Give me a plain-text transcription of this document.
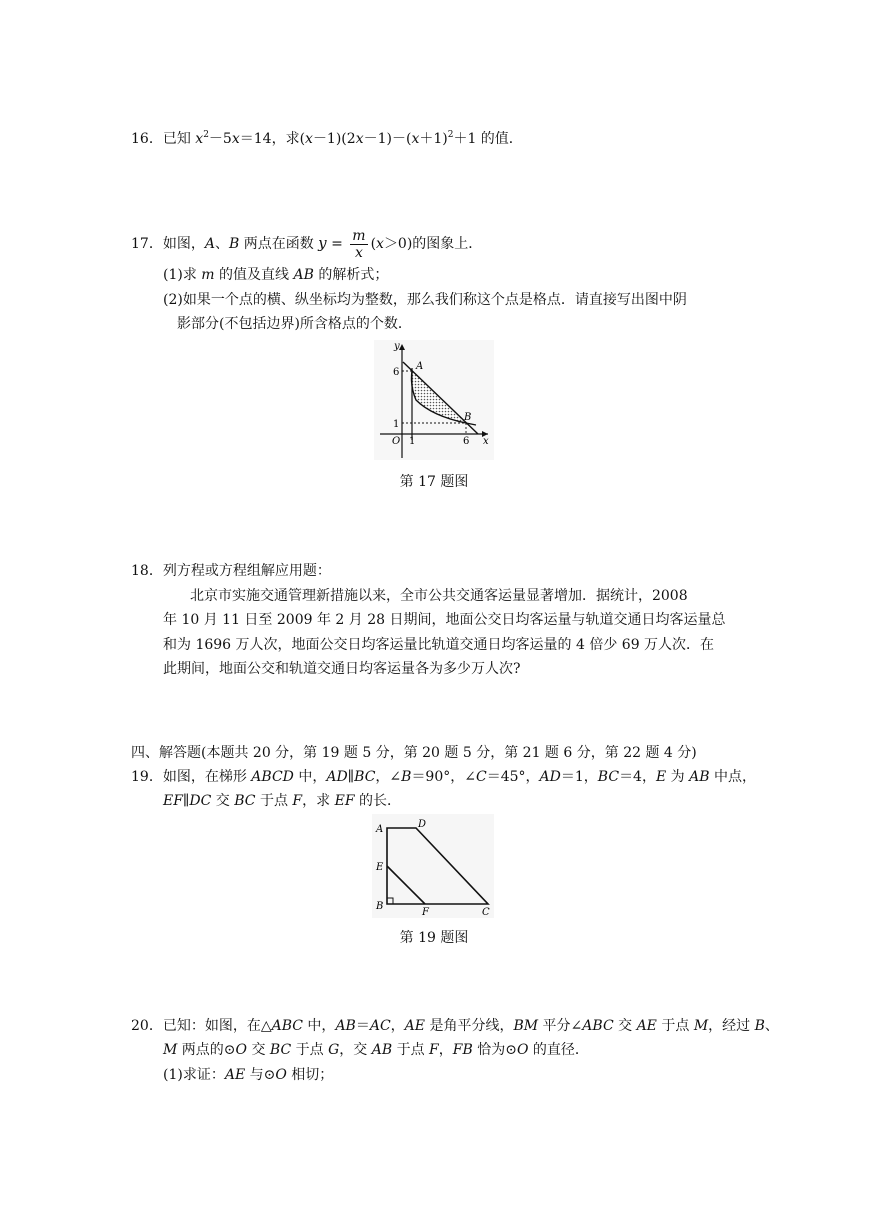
16．已知 $x^2-5x=14$，求$(x-1)(2x-1)-(x+1)^2+1$ 的值．
17．如图，A、B 两点在函数 $y = \frac{m}{x} (x>0)$的图象上．
(1)求 m 的值及直线 AB 的解析式；
(2)如果一个点的横、纵坐标均为整数，那么我们称这个点是格点．请直接写出图中阴
影部分(不包括边界)所含格点的个数．
y
x
A
B
O
6
1
1	6
第 17 题图
18．列方程或方程组解应用题：
北京市实施交通管理新措施以来，全市公共交通客运量显著增加．据统计，2008
年 10 月 11 日至 2009 年 2 月 28 日期间，地面公交日均客运量与轨道交通日均客运量总
和为 1696 万人次，地面公交日均客运量比轨道交通日均客运量的 4 倍少 69 万人次．在
此期间，地面公交和轨道交通日均客运量各为多少万人次?
四、解答题(本题共 20 分，第 19 题 5 分，第 20 题 5 分，第 21 题 6 分，第 22 题 4 分)
19．如图，在梯形 ABCD 中，AD∥BC，∠B＝90°，∠C＝45°，AD＝1，BC＝4，E 为 AB 中点，
EF∥DC 交 BC 于点 F，求 EF 的长．
A	D
E
B
F	C
第 19 题图
20．已知：如图，在△ABC 中，AB＝AC，AE 是角平分线，BM 平分∠ABC 交 AE 于点 M，经过 B、
M 两点的⊙O 交 BC 于点 G，交 AB 于点 F，FB 恰为⊙O 的直径．
(1)求证：AE 与⊙O 相切；
